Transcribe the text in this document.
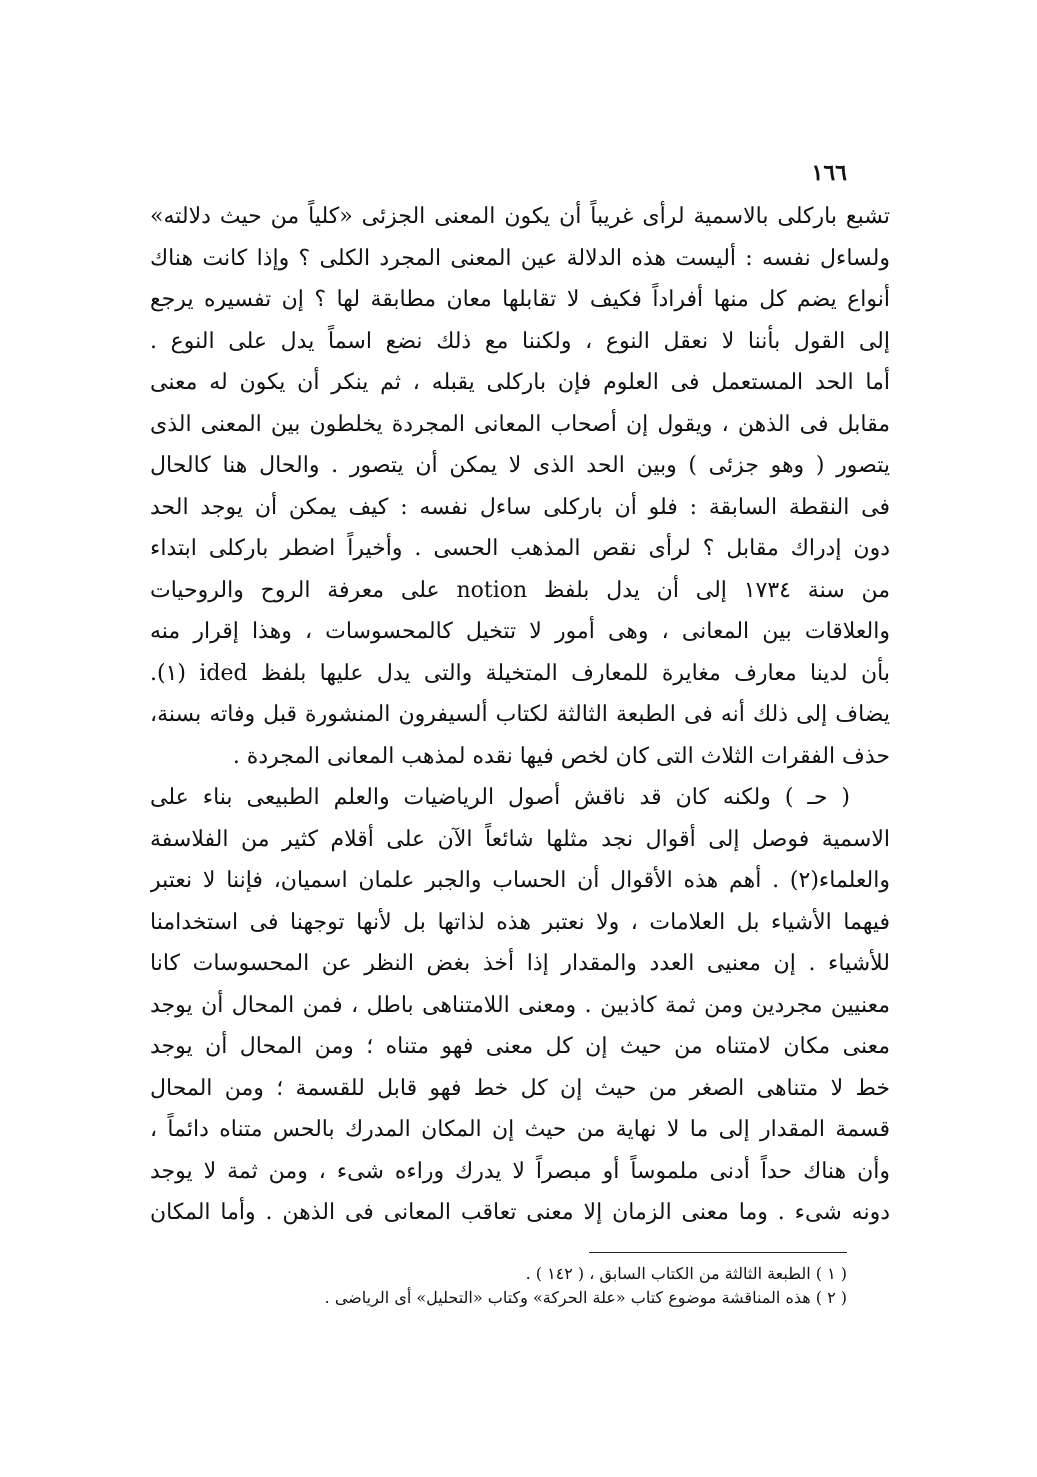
١٦٦
تشبع باركلى بالاسمية لرأى غريباً أن يكون المعنى الجزئى «كلياً من حيث دلالته»
ولساءل نفسه : أليست هذه الدلالة عين المعنى المجرد الكلى ؟ وإذا كانت هناك
أنواع يضم كل منها أفراداً فكيف لا تقابلها معان مطابقة لها ؟ إن تفسيره يرجع
إلى القول بأننا لا نعقل النوع ، ولكننا مع ذلك نضع اسماً يدل على النوع .
أما الحد المستعمل فى العلوم فإن باركلى يقبله ، ثم ينكر أن يكون له معنى
مقابل فى الذهن ، ويقول إن أصحاب المعانى المجردة يخلطون بين المعنى الذى
يتصور ( وهو جزئى ) وبين الحد الذى لا يمكن أن يتصور . والحال هنا كالحال
فى النقطة السابقة : فلو أن باركلى ساءل نفسه : كيف يمكن أن يوجد الحد
دون إدراك مقابل ؟ لرأى نقص المذهب الحسى . وأخيراً اضطر باركلى ابتداء
من سنة ١٧٣٤ إلى أن يدل بلفظ notion على معرفة الروح والروحيات
والعلاقات بين المعانى ، وهى أمور لا تتخيل كالمحسوسات ، وهذا إقرار منه
بأن لدينا معارف مغايرة للمعارف المتخيلة والتى يدل عليها بلفظ ided (١).
يضاف إلى ذلك أنه فى الطبعة الثالثة لكتاب ألسيفرون المنشورة قبل وفاته بسنة،
حذف الفقرات الثلاث التى كان لخص فيها نقده لمذهب المعانى المجردة .
( حـ ) ولكنه كان قد ناقش أصول الرياضيات والعلم الطبيعى بناء على
الاسمية فوصل إلى أقوال نجد مثلها شائعاً الآن على أقلام كثير من الفلاسفة
والعلماء(٢) . أهم هذه الأقوال أن الحساب والجبر علمان اسميان، فإننا لا نعتبر
فيهما الأشياء بل العلامات ، ولا نعتبر هذه لذاتها بل لأنها توجهنا فى استخدامنا
للأشياء . إن معنيى العدد والمقدار إذا أخذ بغض النظر عن المحسوسات كانا
معنيين مجردين ومن ثمة كاذبين . ومعنى اللامتناهى باطل ، فمن المحال أن يوجد
معنى مكان لامتناه من حيث إن كل معنى فهو متناه ؛ ومن المحال أن يوجد
خط لا متناهى الصغر من حيث إن كل خط فهو قابل للقسمة ؛ ومن المحال
قسمة المقدار إلى ما لا نهاية من حيث إن المكان المدرك بالحس متناه دائماً ،
وأن هناك حداً أدنى ملموساً أو مبصراً لا يدرك وراءه شىء ، ومن ثمة لا يوجد
دونه شىء . وما معنى الزمان إلا معنى تعاقب المعانى فى الذهن . وأما المكان
( ١ ) الطبعة الثالثة من الكتاب السابق ، ( ١٤٢ ) .
( ٢ ) هذه المناقشة موضوع كتاب «علة الحركة» وكتاب «التحليل» أى الرياضى .
